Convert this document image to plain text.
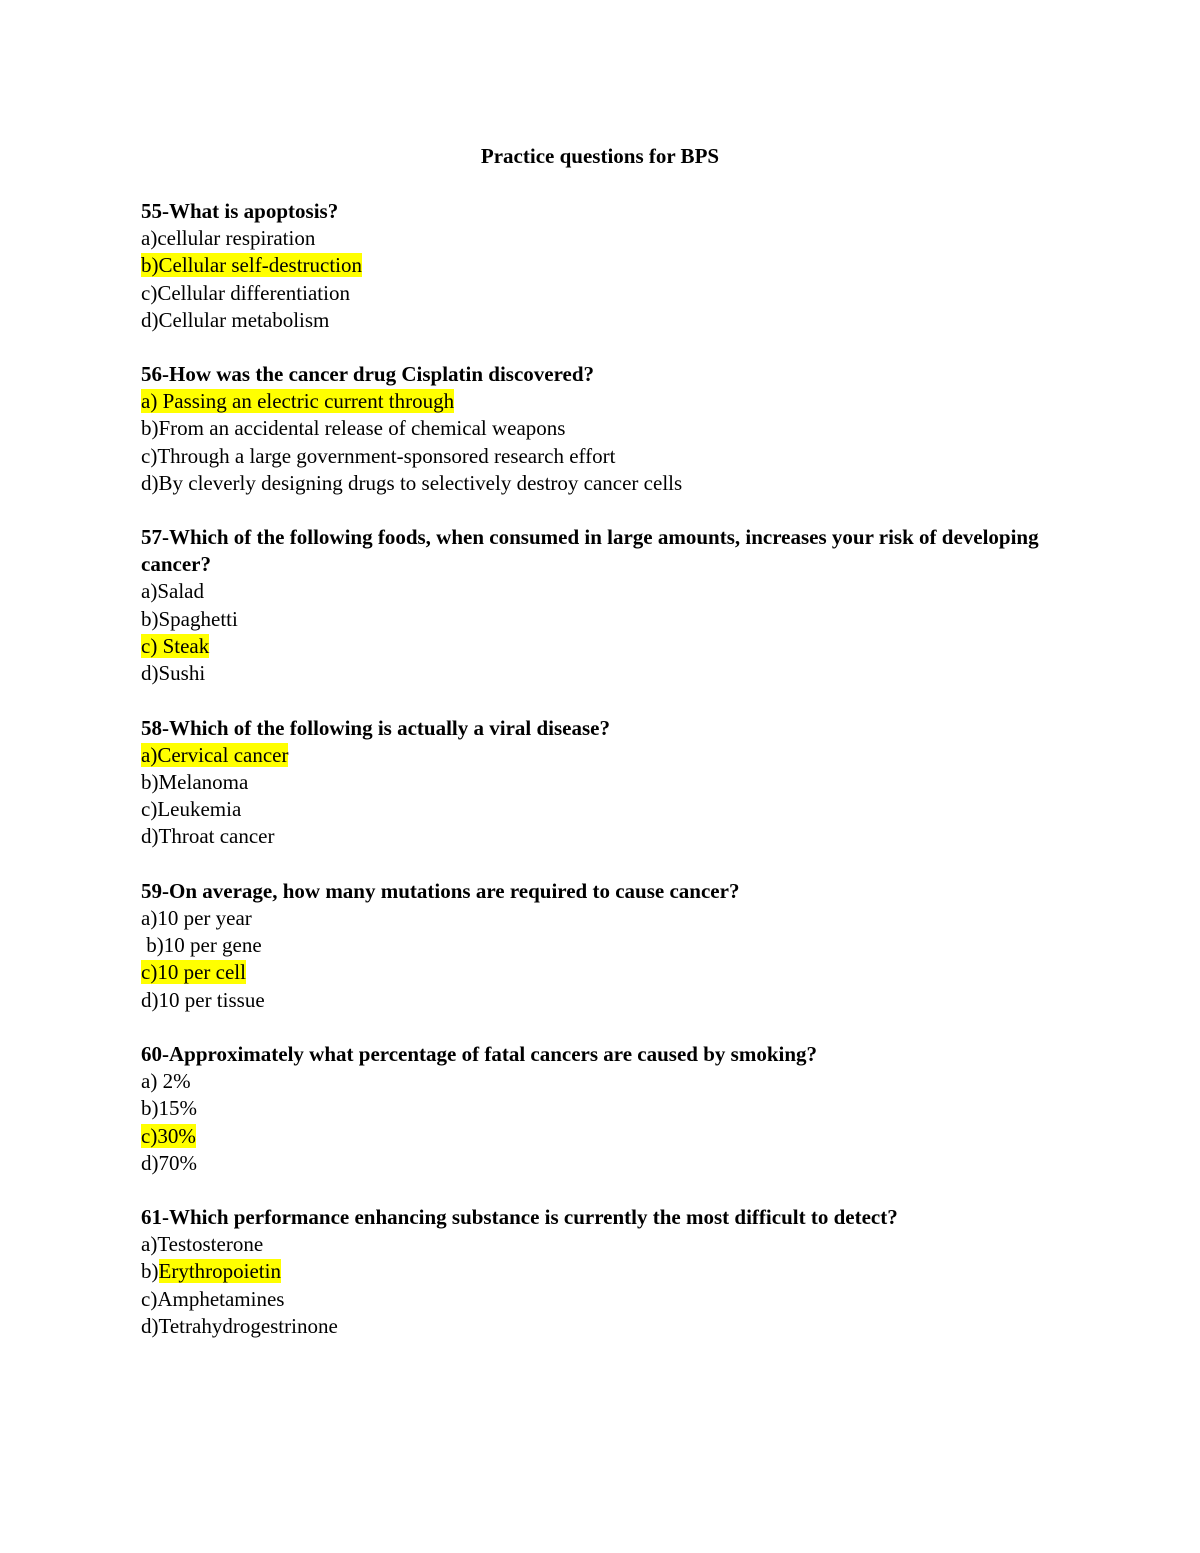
Practice questions for BPS
55-What is apoptosis?
a)cellular respiration
b)Cellular self-destruction
c)Cellular differentiation
d)Cellular metabolism
56-How was the cancer drug Cisplatin discovered?
a) Passing an electric current through
b)From an accidental release of chemical weapons
c)Through a large government-sponsored research effort
d)By cleverly designing drugs to selectively destroy cancer cells
57-Which of the following foods, when consumed in large amounts, increases your risk of developing cancer?
a)Salad
b)Spaghetti
c) Steak
d)Sushi
58-Which of the following is actually a viral disease?
a)Cervical cancer
b)Melanoma
c)Leukemia
d)Throat cancer
59-On average, how many mutations are required to cause cancer?
a)10 per year
b)10 per gene
c)10 per cell
d)10 per tissue
60-Approximately what percentage of fatal cancers are caused by smoking?
a) 2%
b)15%
c)30%
d)70%
61-Which performance enhancing substance is currently the most difficult to detect?
a)Testosterone
b)Erythropoietin
c)Amphetamines
d)Tetrahydrogestrinone
